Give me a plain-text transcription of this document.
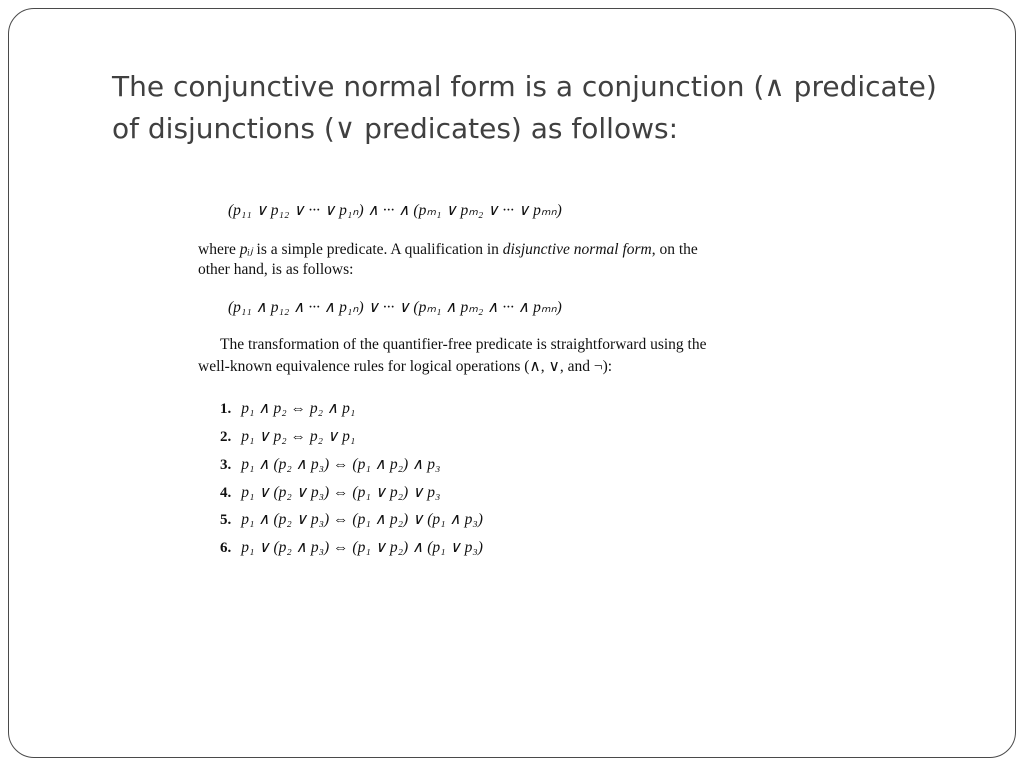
The conjunctive normal form is a conjunction (∧ predicate)
of disjunctions (∨ predicates) as follows:
(p₁₁ ∨ p₁₂ ∨ ··· ∨ p₁ₙ) ∧ ··· ∧ (pₘ₁ ∨ pₘ₂ ∨ ··· ∨ pₘₙ)
where pᵢⱼ is a simple predicate. A qualification in disjunctive normal form, on the
other hand, is as follows:
(p₁₁ ∧ p₁₂ ∧ ··· ∧ p₁ₙ) ∨ ··· ∨ (pₘ₁ ∧ pₘ₂ ∧ ··· ∧ pₘₙ)
The transformation of the quantifier-free predicate is straightforward using the
well-known equivalence rules for logical operations (∧, ∨, and ¬):
1. p₁ ∧ p₂ ⇔ p₂ ∧ p₁
2. p₁ ∨ p₂ ⇔ p₂ ∨ p₁
3. p₁ ∧ (p₂ ∧ p₃) ⇔ (p₁ ∧ p₂) ∧ p₃
4. p₁ ∨ (p₂ ∨ p₃) ⇔ (p₁ ∨ p₂) ∨ p₃
5. p₁ ∧ (p₂ ∨ p₃) ⇔ (p₁ ∧ p₂) ∨ (p₁ ∧ p₃)
6. p₁ ∨ (p₂ ∧ p₃) ⇔ (p₁ ∨ p₂) ∧ (p₁ ∨ p₃)
